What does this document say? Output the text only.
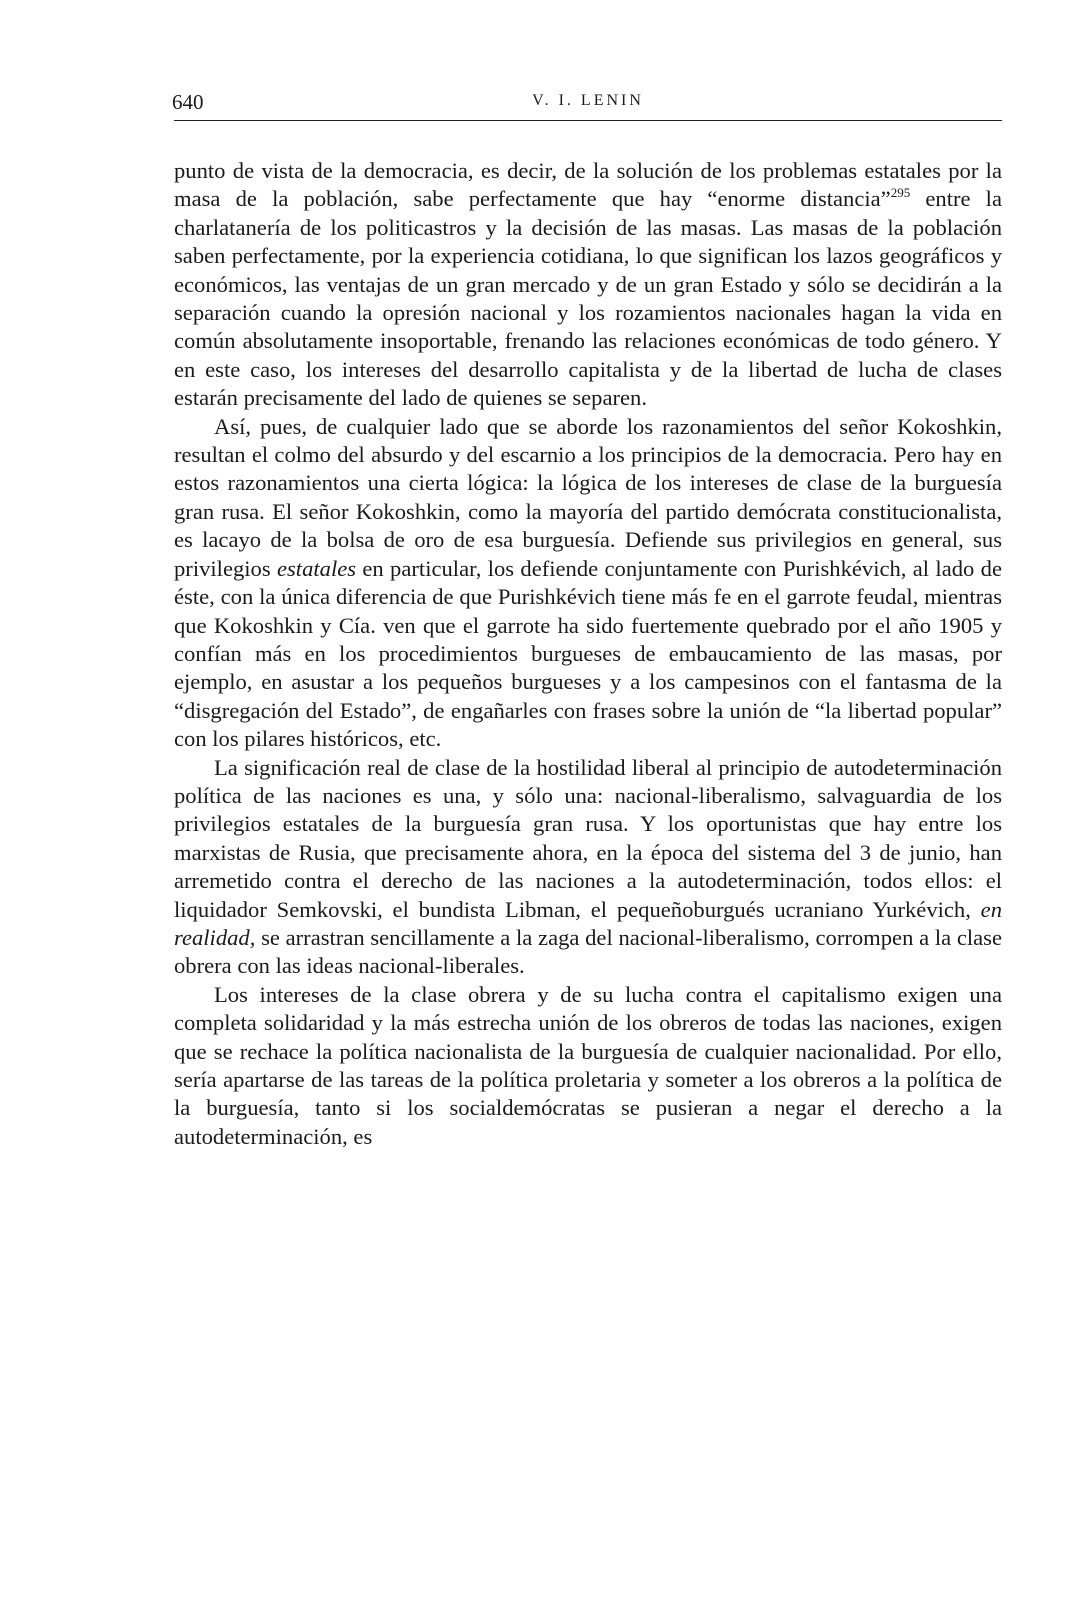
640	V. I. LENIN

punto de vista de la democracia, es decir, de la solución de los problemas estatales por la masa de la población, sabe perfectamente que hay “enorme distancia”$^{295}$ entre la charlatanería de los politicastros y la decisión de las masas. Las masas de la población saben perfectamente, por la experiencia cotidiana, lo que significan los lazos geográficos y económicos, las ventajas de un gran mercado y de un gran Estado y sólo se decidirán a la separación cuando la opresión nacional y los rozamientos nacionales hagan la vida en común absolutamente insoportable, frenando las relaciones económicas de todo género. Y en este caso, los intereses del desarrollo capitalista y de la libertad de lucha de clases estarán precisamente del lado de quienes se separen.

Así, pues, de cualquier lado que se aborde los razonamientos del señor Kokoshkin, resultan el colmo del absurdo y del escarnio a los principios de la democracia. Pero hay en estos razonamientos una cierta lógica: la lógica de los intereses de clase de la burguesía gran rusa. El señor Kokoshkin, como la mayoría del partido demócrata constitucionalista, es lacayo de la bolsa de oro de esa burguesía. Defiende sus privilegios en general, sus privilegios estatales en particular, los defiende conjuntamente con Purishkévich, al lado de éste, con la única diferencia de que Purishkévich tiene más fe en el garrote feudal, mientras que Kokoshkin y Cía. ven que el garrote ha sido fuertemente quebrado por el año 1905 y confían más en los procedimientos burgueses de embaucamiento de las masas, por ejemplo, en asustar a los pequeños burgueses y a los campesinos con el fantasma de la “disgregación del Estado”, de engañarles con frases sobre la unión de “la libertad popular” con los pilares históricos, etc.

La significación real de clase de la hostilidad liberal al principio de autodeterminación política de las naciones es una, y sólo una: nacional-liberalismo, salvaguardia de los privilegios estatales de la burguesía gran rusa. Y los oportunistas que hay entre los marxistas de Rusia, que precisamente ahora, en la época del sistema del 3 de junio, han arremetido contra el derecho de las naciones a la autodeterminación, todos ellos: el liquidador Semkovski, el bundista Libman, el pequeñoburgués ucraniano Yurkévich, en realidad, se arrastran sencillamente a la zaga del nacional-liberalismo, corrompen a la clase obrera con las ideas nacional-liberales.

Los intereses de la clase obrera y de su lucha contra el capitalismo exigen una completa solidaridad y la más estrecha unión de los obreros de todas las naciones, exigen que se rechace la política nacionalista de la burguesía de cualquier nacionalidad. Por ello, sería apartarse de las tareas de la política proletaria y someter a los obreros a la política de la burguesía, tanto si los socialdemócratas se pusieran a negar el derecho a la autodeterminación, es
